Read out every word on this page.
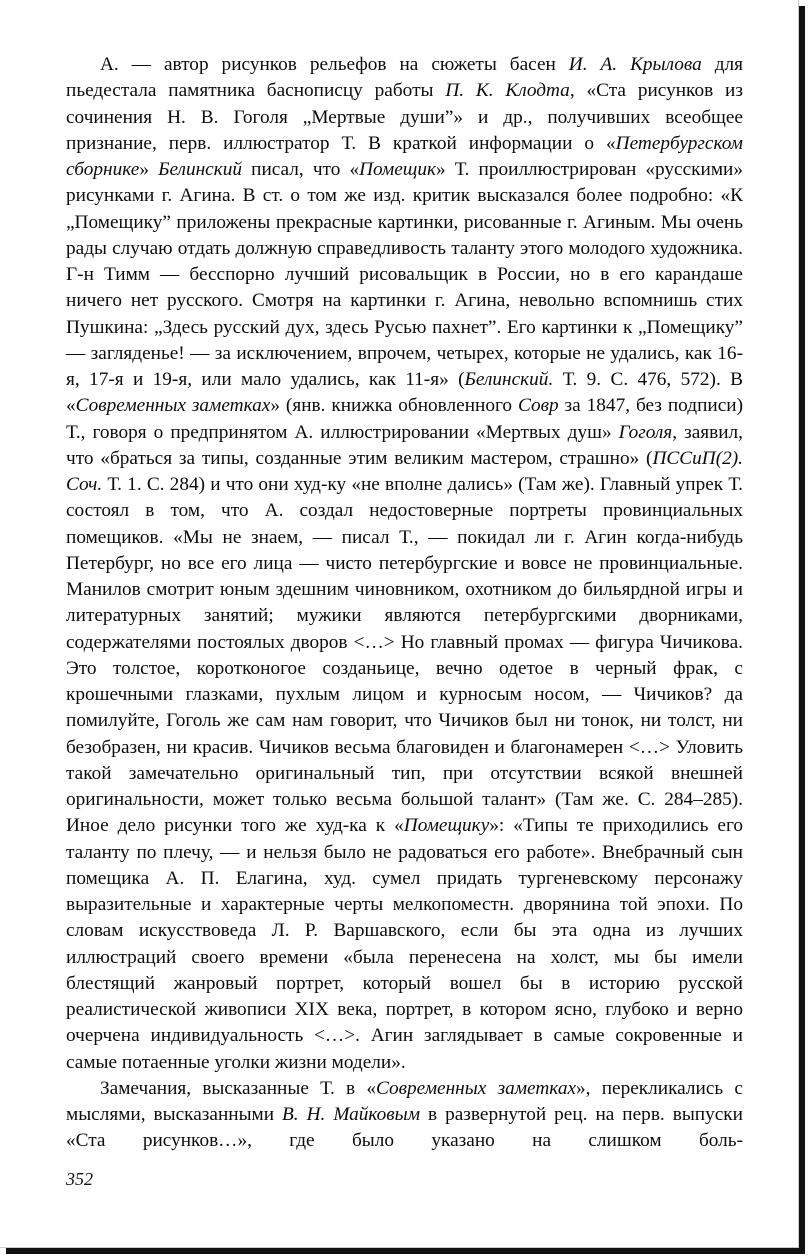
А. — автор рисунков рельефов на сюжеты басен И. А. Крылова для пьедестала памятника баснописцу работы П. К. Клодта, «Ста рисунков из сочинения Н. В. Гоголя „Мертвые души”» и др., получивших всеобщее признание, перв. иллюстратор Т. В краткой информации о «Петербургском сборнике» Белинский писал, что «Помещик» Т. проиллюстрирован «русскими» рисунками г. Агина. В ст. о том же изд. критик высказался более подробно: «К „Помещику” приложены прекрасные картинки, рисованные г. Агиным. Мы очень рады случаю отдать должную справедливость таланту этого молодого художника. Г-н Тимм — бесспорно лучший рисовальщик в России, но в его карандаше ничего нет русского. Смотря на картинки г. Агина, невольно вспомнишь стих Пушкина: „Здесь русский дух, здесь Русью пахнет”. Его картинки к „Помещику” — загляденье! — за исключением, впрочем, четырех, которые не удались, как 16-я, 17-я и 19-я, или мало удались, как 11-я» (Белинский. Т. 9. С. 476, 572). В «Современных заметках» (янв. книжка обновленного Совр за 1847, без подписи) Т., говоря о предпринятом А. иллюстрировании «Мертвых душ» Гоголя, заявил, что «браться за типы, созданные этим великим мастером, страшно» (ПССиП(2). Соч. Т. 1. С. 284) и что они худ-ку «не вполне дались» (Там же). Главный упрек Т. состоял в том, что А. создал недостоверные портреты провинциальных помещиков. «Мы не знаем, — писал Т., — покидал ли г. Агин когда-нибудь Петербург, но все его лица — чисто петербургские и вовсе не провинциальные. Манилов смотрит юным здешним чиновником, охотником до бильярдной игры и литературных занятий; мужики являются петербургскими дворниками, содержателями постоялых дворов <…> Но главный промах — фигура Чичикова. Это толстое, коротконогое созданьице, вечно одетое в черный фрак, с крошечными глазками, пухлым лицом и курносым носом, — Чичиков? да помилуйте, Гоголь же сам нам говорит, что Чичиков был ни тонок, ни толст, ни безобразен, ни красив. Чичиков весьма благовиден и благонамерен <…> Уловить такой замечательно оригинальный тип, при отсутствии всякой внешней оригинальности, может только весьма большой талант» (Там же. С. 284–285). Иное дело рисунки того же худ-ка к «Помещику»: «Типы те приходились его таланту по плечу, — и нельзя было не радоваться его работе». Внебрачный сын помещика А. П. Елагина, худ. сумел придать тургеневскому персонажу выразительные и характерные черты мелкопоместн. дворянина той эпохи. По словам искусствоведа Л. Р. Варшавского, если бы эта одна из лучших иллюстраций своего времени «была перенесена на холст, мы бы имели блестящий жанровый портрет, который вошел бы в историю русской реалистической живописи XIX века, портрет, в котором ясно, глубоко и верно очерчена индивидуальность <…>. Агин заглядывает в самые сокровенные и самые потаенные уголки жизни модели».

Замечания, высказанные Т. в «Современных заметках», перекликались с мыслями, высказанными В. Н. Майковым в развернутой рец. на перв. выпуски «Ста рисунков…», где было указано на слишком боль-

352
